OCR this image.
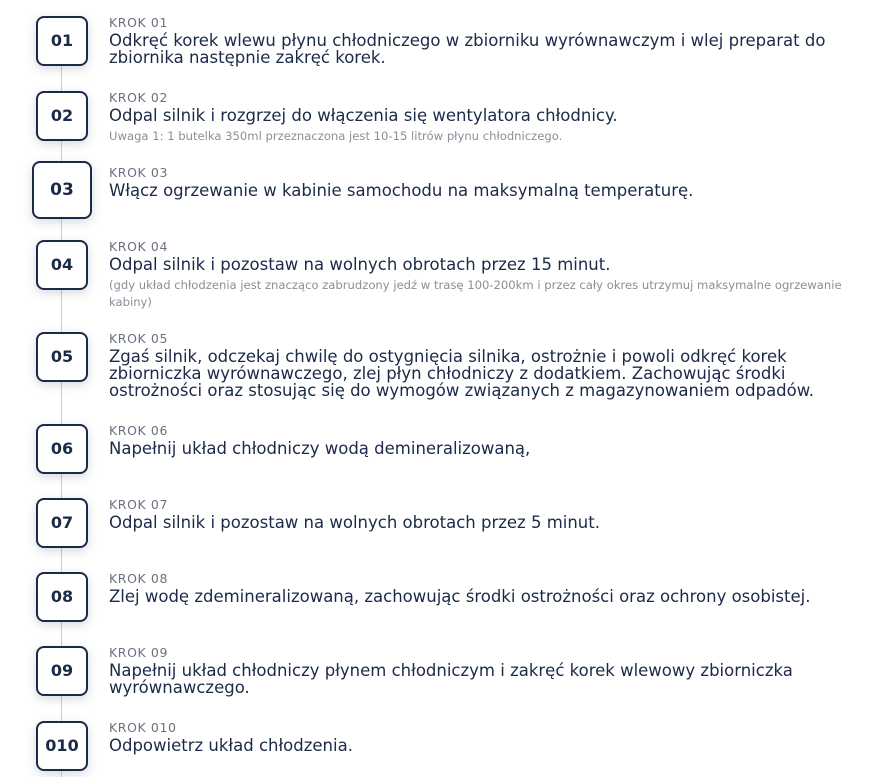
01

KROK 01

Odkręć korek wlewu płynu chłodniczego w zbiorniku wyrównawczym i wlej preparat do zbiornika następnie zakręć korek.

02

KROK 02

Odpal silnik i rozgrzej do włączenia się wentylatora chłodnicy.

Uwaga 1: 1 butelka 350ml przeznaczona jest 10-15 litrów płynu chłodniczego.

03

KROK 03

Włącz ogrzewanie w kabinie samochodu na maksymalną temperaturę.

04

KROK 04

Odpal silnik i pozostaw na wolnych obrotach przez 15 minut.

(gdy układ chłodzenia jest znacząco zabrudzony jedź w trasę 100-200km i przez cały okres utrzymuj maksymalne ogrzewanie kabiny)

05

KROK 05

Zgaś silnik, odczekaj chwilę do ostygnięcia silnika, ostrożnie i powoli odkręć korek zbiorniczka wyrównawczego, zlej płyn chłodniczy z dodatkiem. Zachowując środki ostrożności oraz stosując się do wymogów związanych z magazynowaniem odpadów.

06

KROK 06

Napełnij układ chłodniczy wodą demineralizowaną,

07

KROK 07

Odpal silnik i pozostaw na wolnych obrotach przez 5 minut.

08

KROK 08

Zlej wodę zdemineralizowaną, zachowując środki ostrożności oraz ochrony osobistej.

09

KROK 09

Napełnij układ chłodniczy płynem chłodniczym i zakręć korek wlewowy zbiorniczka wyrównawczego.

010

KROK 010

Odpowietrz układ chłodzenia.
